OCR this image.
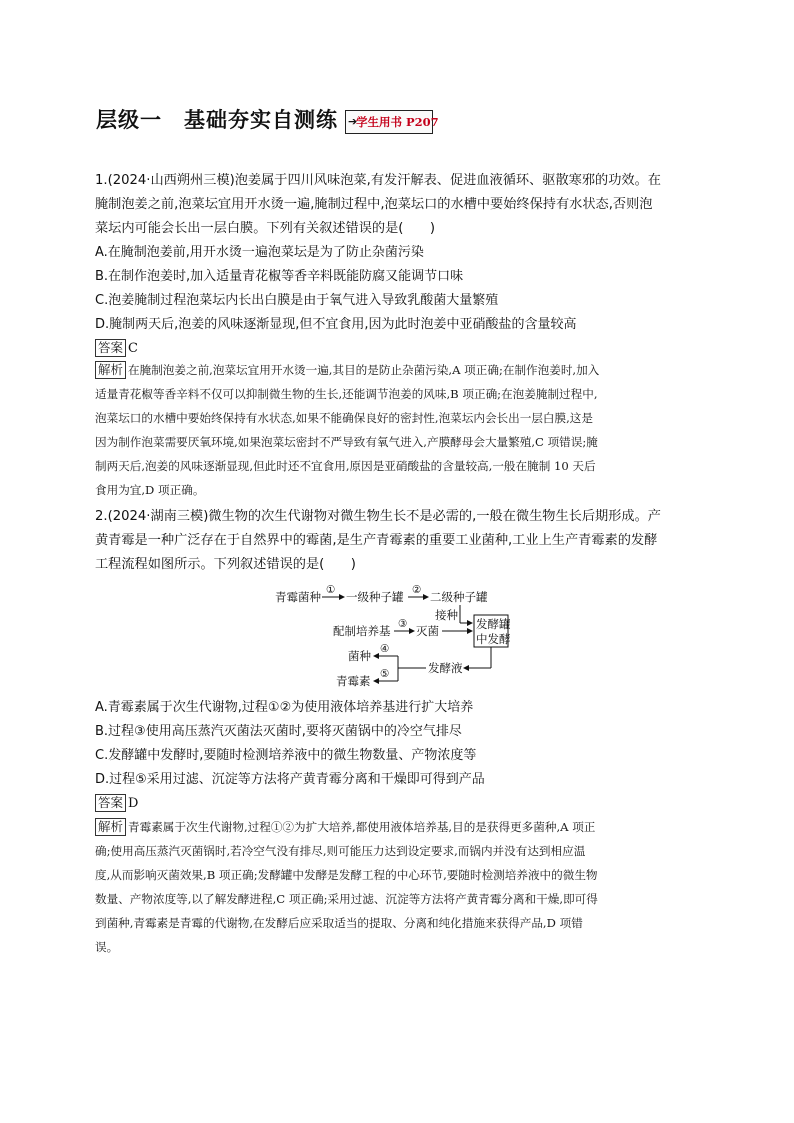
层级一 基础夯实自测练 ➔
学生用书 P207
1.(2024·山西朔州三模)泡姜属于四川风味泡菜,有发汗解表、促进血液循环、驱散寒邪的功效。在
腌制泡姜之前,泡菜坛宜用开水烫一遍,腌制过程中,泡菜坛口的水槽中要始终保持有水状态,否则泡
菜坛内可能会长出一层白膜。下列有关叙述错误的是(　　)
A.在腌制泡姜前,用开水烫一遍泡菜坛是为了防止杂菌污染
B.在制作泡姜时,加入适量青花椒等香辛料既能防腐又能调节口味
C.泡姜腌制过程泡菜坛内长出白膜是由于氧气进入导致乳酸菌大量繁殖
D.腌制两天后,泡姜的风味逐渐显现,但不宜食用,因为此时泡姜中亚硝酸盐的含量较高
答案 C
解析 在腌制泡姜之前,泡菜坛宜用开水烫一遍,其目的是防止杂菌污染,A 项正确;在制作泡姜时,加入
适量青花椒等香辛料不仅可以抑制微生物的生长,还能调节泡姜的风味,B 项正确;在泡姜腌制过程中,
泡菜坛口的水槽中要始终保持有水状态,如果不能确保良好的密封性,泡菜坛内会长出一层白膜,这是
因为制作泡菜需要厌氧环境,如果泡菜坛密封不严导致有氧气进入,产膜酵母会大量繁殖,C 项错误;腌
制两天后,泡姜的风味逐渐显现,但此时还不宜食用,原因是亚硝酸盐的含量较高,一般在腌制 10 天后
食用为宜,D 项正确。
2.(2024·湖南三模)微生物的次生代谢物对微生物生长不是必需的,一般在微生物生长后期形成。产
黄青霉是一种广泛存在于自然界中的霉菌,是生产青霉素的重要工业菌种,工业上生产青霉素的发酵
工程流程如图所示。下列叙述错误的是(　　)
青霉菌种 ① 一级种子罐 ② 二级种子罐
接种
配制培养基 ③ 灭菌	发酵罐
中发酵
发酵液
④
菌种
⑤
青霉素
A.青霉素属于次生代谢物,过程①②为使用液体培养基进行扩大培养
B.过程③使用高压蒸汽灭菌法灭菌时,要将灭菌锅中的冷空气排尽
C.发酵罐中发酵时,要随时检测培养液中的微生物数量、产物浓度等
D.过程⑤采用过滤、沉淀等方法将产黄青霉分离和干燥即可得到产品
答案 D
解析 青霉素属于次生代谢物,过程①②为扩大培养,都使用液体培养基,目的是获得更多菌种,A 项正
确;使用高压蒸汽灭菌锅时,若冷空气没有排尽,则可能压力达到设定要求,而锅内并没有达到相应温
度,从而影响灭菌效果,B 项正确;发酵罐中发酵是发酵工程的中心环节,要随时检测培养液中的微生物
数量、产物浓度等,以了解发酵进程,C 项正确;采用过滤、沉淀等方法将产黄青霉分离和干燥,即可得
到菌种,青霉素是青霉的代谢物,在发酵后应采取适当的提取、分离和纯化措施来获得产品,D 项错
误。
